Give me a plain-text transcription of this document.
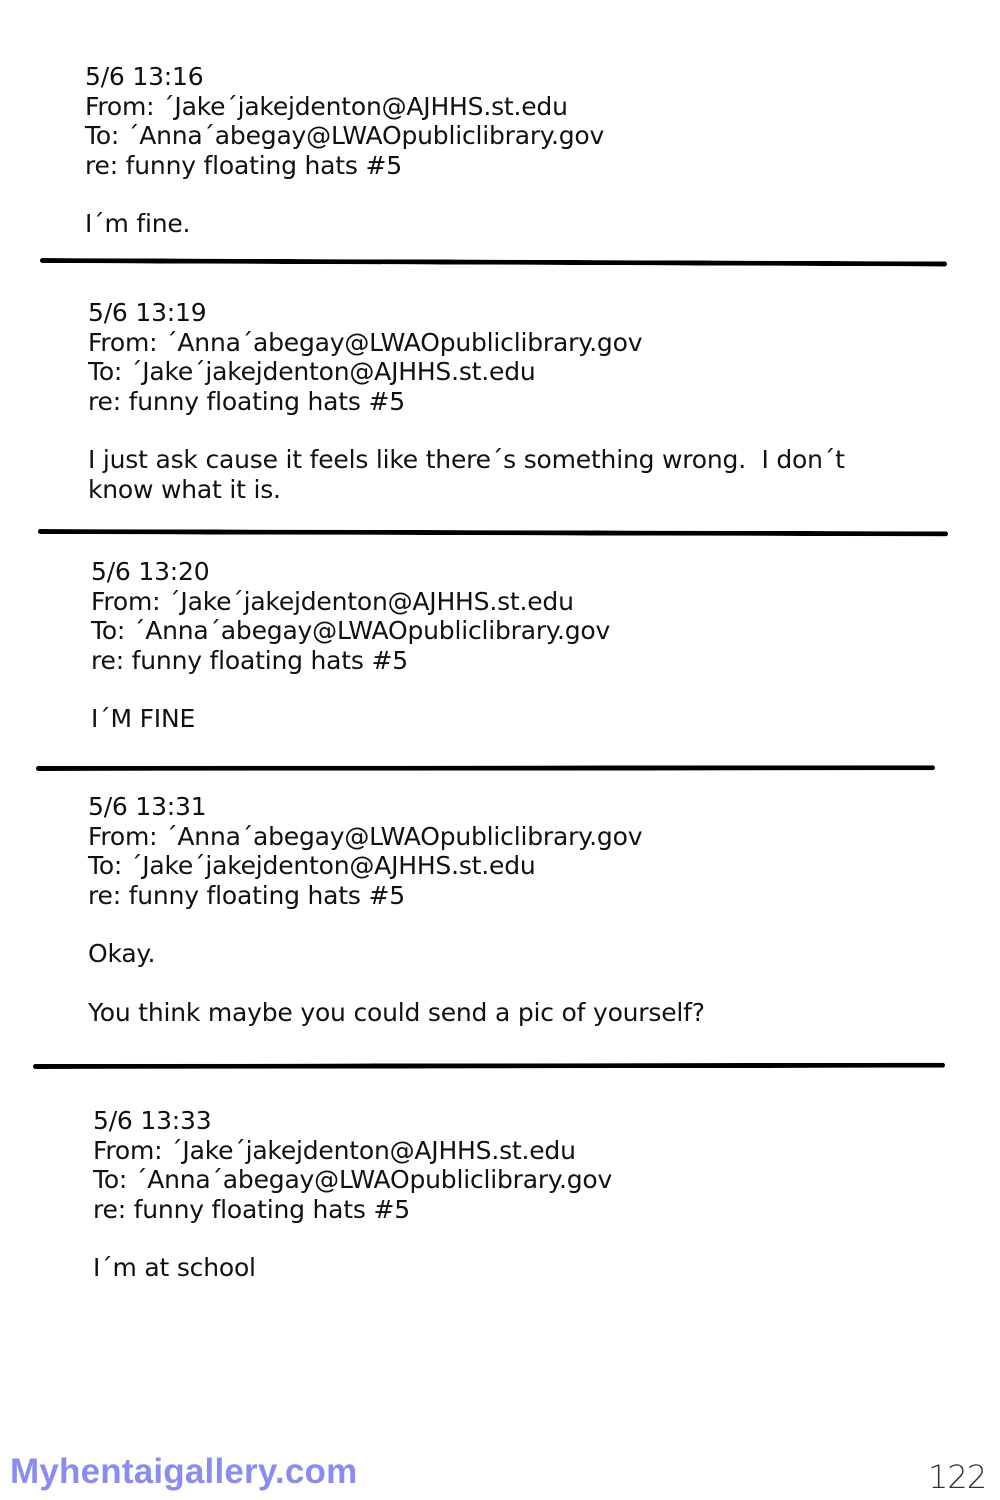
5/6 13:16
From: ´Jake´jakejdenton@AJHHS.st.edu
To: ´Anna´abegay@LWAOpubliclibrary.gov
re: funny floating hats #5

I´m fine.

5/6 13:19
From: ´Anna´abegay@LWAOpubliclibrary.gov
To: ´Jake´jakejdenton@AJHHS.st.edu
re: funny floating hats #5

I just ask cause it feels like there´s something wrong.  I don´t
know what it is.

5/6 13:20
From: ´Jake´jakejdenton@AJHHS.st.edu
To: ´Anna´abegay@LWAOpubliclibrary.gov
re: funny floating hats #5

I´M FINE

5/6 13:31
From: ´Anna´abegay@LWAOpubliclibrary.gov
To: ´Jake´jakejdenton@AJHHS.st.edu
re: funny floating hats #5

Okay.

You think maybe you could send a pic of yourself?

5/6 13:33
From: ´Jake´jakejdenton@AJHHS.st.edu
To: ´Anna´abegay@LWAOpubliclibrary.gov
re: funny floating hats #5

I´m at school

Myhentaigallery.com	122
